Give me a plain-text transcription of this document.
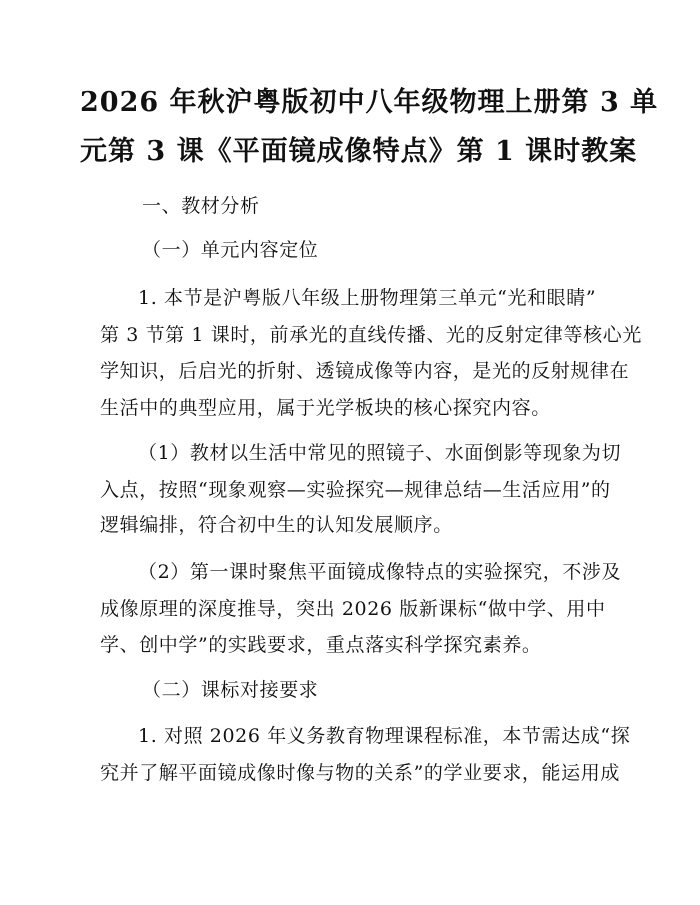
2026 年秋沪粤版初中八年级物理上册第 3 单
元第 3 课《平面镜成像特点》第 1 课时教案
一、教材分析
（一）单元内容定位
1. 本节是沪粤版八年级上册物理第三单元“光和眼睛”
第 3 节第 1 课时，前承光的直线传播、光的反射定律等核心光
学知识，后启光的折射、透镜成像等内容，是光的反射规律在
生活中的典型应用，属于光学板块的核心探究内容。
（1）教材以生活中常见的照镜子、水面倒影等现象为切
入点，按照“现象观察—实验探究—规律总结—生活应用”的
逻辑编排，符合初中生的认知发展顺序。
（2）第一课时聚焦平面镜成像特点的实验探究，不涉及
成像原理的深度推导，突出 2026 版新课标“做中学、用中
学、创中学”的实践要求，重点落实科学探究素养。
（二）课标对接要求
1. 对照 2026 年义务教育物理课程标准，本节需达成“探
究并了解平面镜成像时像与物的关系”的学业要求，能运用成
